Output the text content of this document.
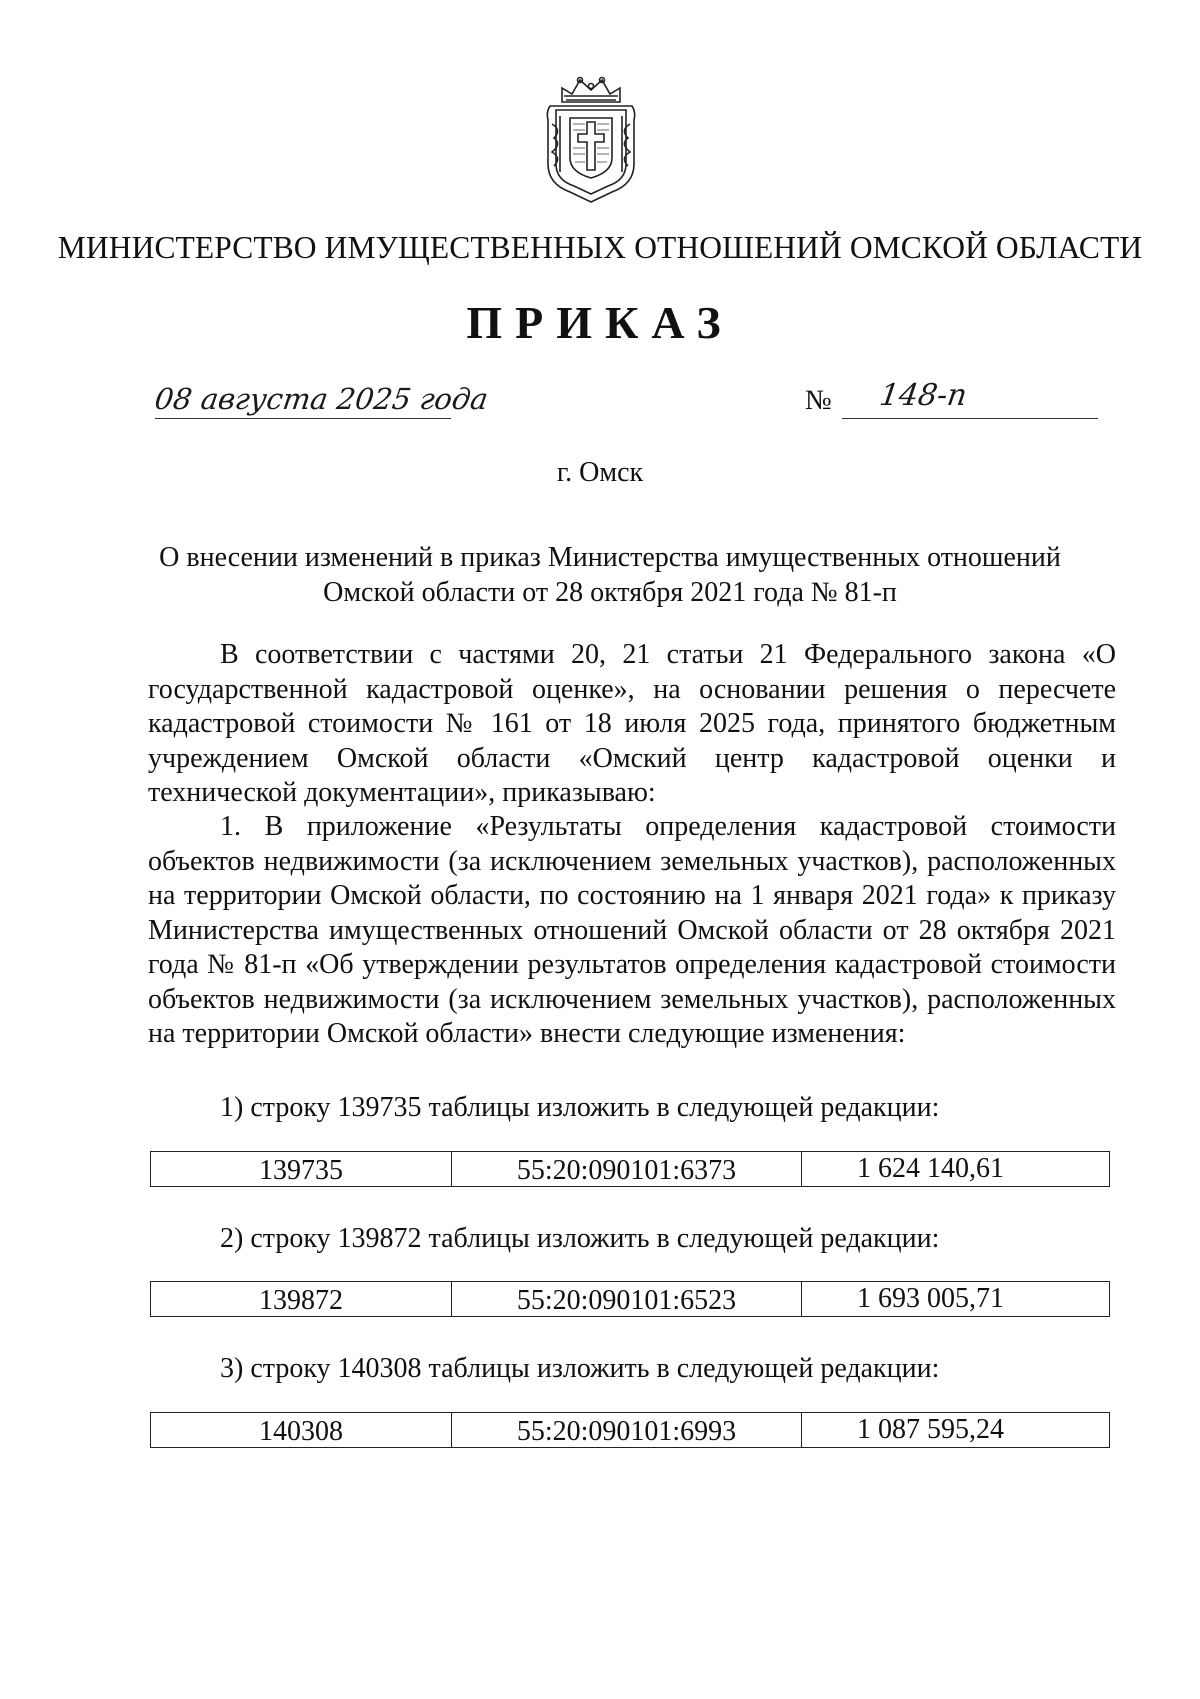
МИНИСТЕРСТВО ИМУЩЕСТВЕННЫХ ОТНОШЕНИЙ ОМСКОЙ ОБЛАСТИ
ПРИКАЗ
08 августа 2025 года	№ 148-п
г. Омск
О внесении изменений в приказ Министерства имущественных отношений Омской области от 28 октября 2021 года № 81-п
В соответствии с частями 20, 21 статьи 21 Федерального закона «О государственной кадастровой оценке», на основании решения о пересчете кадастровой стоимости № 161 от 18 июля 2025 года, принятого бюджетным учреждением Омской области «Омский центр кадастровой оценки и технической документации», приказываю:
1. В приложение «Результаты определения кадастровой стоимости объектов недвижимости (за исключением земельных участков), расположенных на территории Омской области, по состоянию на 1 января 2021 года» к приказу Министерства имущественных отношений Омской области от 28 октября 2021 года № 81-п «Об утверждении результатов определения кадастровой стоимости объектов недвижимости (за исключением земельных участков), расположенных на территории Омской области» внести следующие изменения:
1) строку 139735 таблицы изложить в следующей редакции:
139735	55:20:090101:6373	1 624 140,61
2) строку 139872 таблицы изложить в следующей редакции:
139872	55:20:090101:6523	1 693 005,71
3) строку 140308 таблицы изложить в следующей редакции:
140308	55:20:090101:6993	1 087 595,24
